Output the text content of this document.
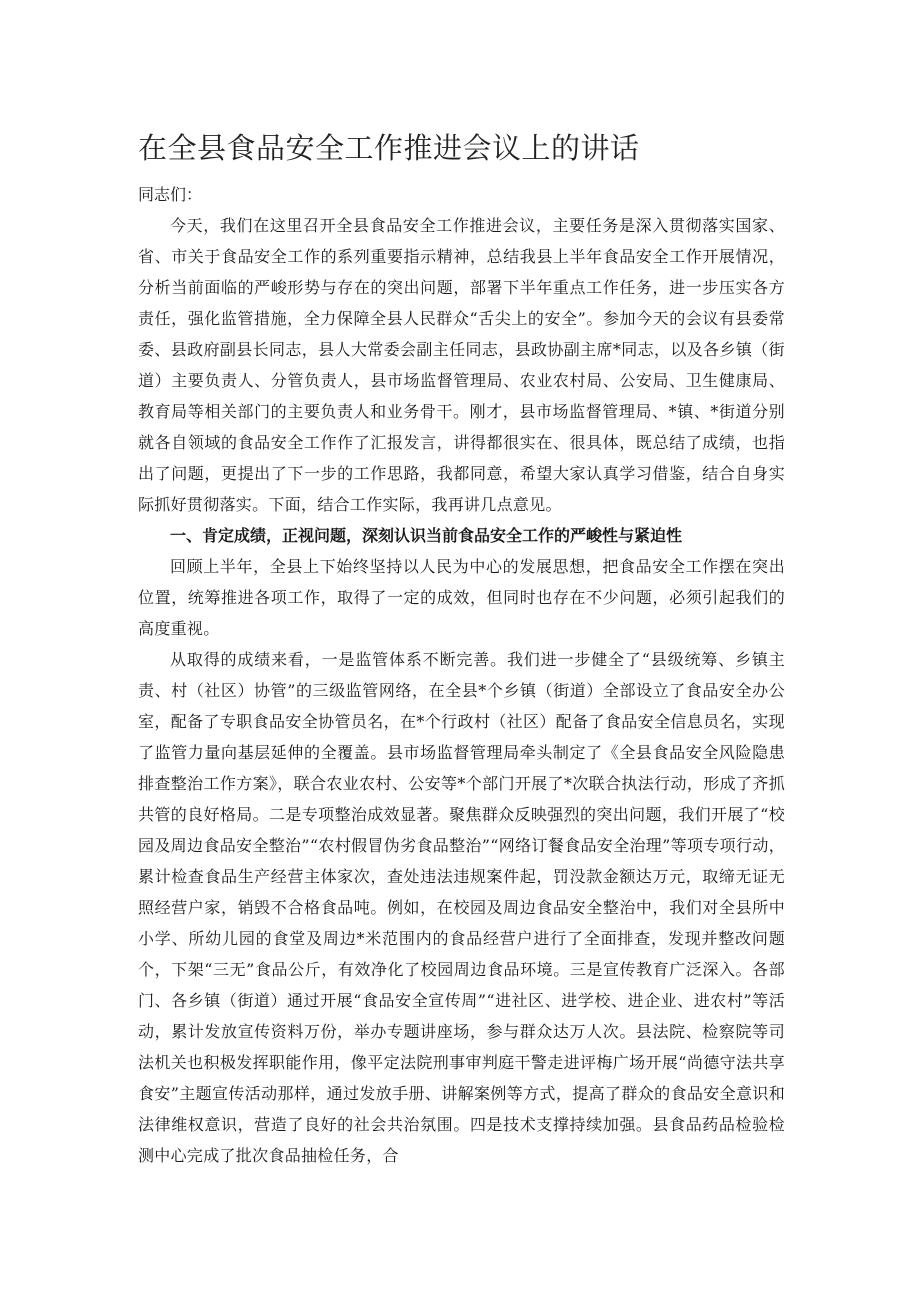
在全县食品安全工作推进会议上的讲话

同志们：

今天，我们在这里召开全县食品安全工作推进会议，主要任务是深入贯彻落实国家、省、市关于食品安全工作的系列重要指示精神，总结我县上半年食品安全工作开展情况，分析当前面临的严峻形势与存在的突出问题，部署下半年重点工作任务，进一步压实各方责任，强化监管措施，全力保障全县人民群众“舌尖上的安全”。参加今天的会议有县委常委、县政府副县长同志，县人大常委会副主任同志，县政协副主席*同志，以及各乡镇（街道）主要负责人、分管负责人，县市场监督管理局、农业农村局、公安局、卫生健康局、教育局等相关部门的主要负责人和业务骨干。刚才，县市场监督管理局、*镇、*街道分别就各自领域的食品安全工作作了汇报发言，讲得都很实在、很具体，既总结了成绩，也指出了问题，更提出了下一步的工作思路，我都同意，希望大家认真学习借鉴，结合自身实际抓好贯彻落实。下面，结合工作实际，我再讲几点意见。

一、肯定成绩，正视问题，深刻认识当前食品安全工作的严峻性与紧迫性

回顾上半年，全县上下始终坚持以人民为中心的发展思想，把食品安全工作摆在突出位置，统筹推进各项工作，取得了一定的成效，但同时也存在不少问题，必须引起我们的高度重视。

从取得的成绩来看，一是监管体系不断完善。我们进一步健全了“县级统筹、乡镇主责、村（社区）协管”的三级监管网络，在全县*个乡镇（街道）全部设立了食品安全办公室，配备了专职食品安全协管员名，在*个行政村（社区）配备了食品安全信息员名，实现了监管力量向基层延伸的全覆盖。县市场监督管理局牵头制定了《全县食品安全风险隐患排查整治工作方案》，联合农业农村、公安等*个部门开展了*次联合执法行动，形成了齐抓共管的良好格局。二是专项整治成效显著。聚焦群众反映强烈的突出问题，我们开展了“校园及周边食品安全整治”“农村假冒伪劣食品整治”“网络订餐食品安全治理”等项专项行动，累计检查食品生产经营主体家次，查处违法违规案件起，罚没款金额达万元，取缔无证无照经营户家，销毁不合格食品吨。例如，在校园及周边食品安全整治中，我们对全县所中小学、所幼儿园的食堂及周边*米范围内的食品经营户进行了全面排查，发现并整改问题个，下架“三无”食品公斤，有效净化了校园周边食品环境。三是宣传教育广泛深入。各部门、各乡镇（街道）通过开展“食品安全宣传周”“进社区、进学校、进企业、进农村”等活动，累计发放宣传资料万份，举办专题讲座场，参与群众达万人次。县法院、检察院等司法机关也积极发挥职能作用，像平定法院刑事审判庭干警走进评梅广场开展“尚德守法共享食安”主题宣传活动那样，通过发放手册、讲解案例等方式，提高了群众的食品安全意识和法律维权意识，营造了良好的社会共治氛围。四是技术支撑持续加强。县食品药品检验检测中心完成了批次食品抽检任务，合
